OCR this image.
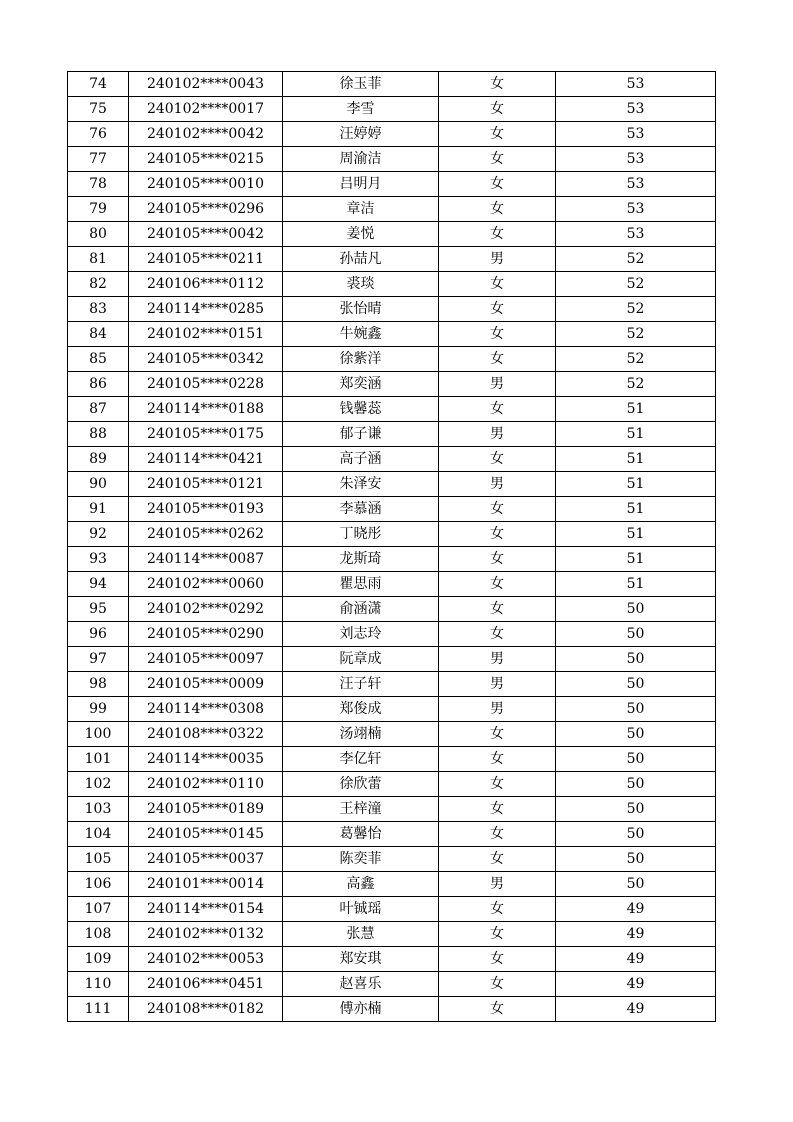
74	240102****0043	徐玉菲	女	53
75	240102****0017	李雪	女	53
76	240102****0042	汪婷婷	女	53
77	240105****0215	周渝洁	女	53
78	240105****0010	吕明月	女	53
79	240105****0296	章洁	女	53
80	240105****0042	姜悦	女	53
81	240105****0211	孙喆凡	男	52
82	240106****0112	裘琰	女	52
83	240114****0285	张怡晴	女	52
84	240102****0151	牛婉鑫	女	52
85	240105****0342	徐紫洋	女	52
86	240105****0228	郑奕涵	男	52
87	240114****0188	钱馨蕊	女	51
88	240105****0175	郁子谦	男	51
89	240114****0421	高子涵	女	51
90	240105****0121	朱泽安	男	51
91	240105****0193	李慕涵	女	51
92	240105****0262	丁晓彤	女	51
93	240114****0087	龙斯琦	女	51
94	240102****0060	瞿思雨	女	51
95	240102****0292	俞涵潇	女	50
96	240105****0290	刘志玲	女	50
97	240105****0097	阮章成	男	50
98	240105****0009	汪子轩	男	50
99	240114****0308	郑俊成	男	50
100	240108****0322	汤翊楠	女	50
101	240114****0035	李亿轩	女	50
102	240102****0110	徐欣蕾	女	50
103	240105****0189	王梓潼	女	50
104	240105****0145	葛馨怡	女	50
105	240105****0037	陈奕菲	女	50
106	240101****0014	高鑫	男	50
107	240114****0154	叶铖瑶	女	49
108	240102****0132	张慧	女	49
109	240102****0053	郑安琪	女	49
110	240106****0451	赵喜乐	女	49
111	240108****0182	傅亦楠	女	49
